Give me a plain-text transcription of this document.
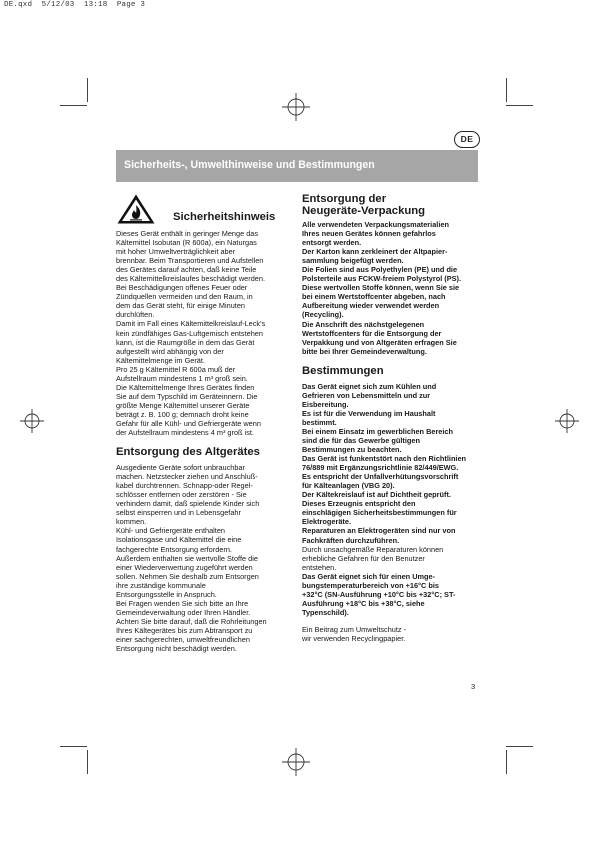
DE.qxd  5/12/03  13:18  Page 3
DE
Sicherheits-, Umwelthinweise und Bestimmungen
Sicherheitshinweis

Dieses Gerät enthält in geringer Menge das

Kältemittel Isobutan (R 600a), ein Naturgas

mit hoher Umweltverträglichkeit aber

brennbar. Beim Transportieren und Aufstellen

des Gerätes darauf achten, daß keine Teile

des Kältemittelkreislaufes beschädigt werden.

Bei Beschädigungen offenes Feuer oder

Zündquellen vermeiden und den Raum, in

dem das Gerät steht, für einige Minuten

durchlüften.

Damit im Fall eines Kältemittelkreislauf-Leck's

kein zündfähiges Gas-Luftgemisch entstehen

kann, ist die Raumgröße in dem das Gerät

aufgestellt wird abhängig von der

Kältemittelmenge im Gerät.

Pro 25 g Kältemittel R 600a muß der

Aufstellraum mindestens 1 m³ groß sein.

Die Kältemittelmenge Ihres Gerätes finden

Sie auf dem Typschild im Geräteinnern. Die

größte Menge Kältemittel unserer Geräte

beträgt z. B. 100 g; demnach droht keine

Gefahr für alle Kühl- und Gefriergeräte wenn

der Aufstellraum mindestens 4 m³ groß ist.

Entsorgung des Altgerätes

Ausgediente Geräte sofort unbrauchbar

machen. Netzstecker ziehen und Anschluß-

kabel durchtrennen. Schnapp-oder Regel-

schlösser entfernen oder zerstören - Sie

verhindern damit, daß spielende Kinder sich

selbst einsperren und in Lebensgefahr

kommen.

Kühl- und Gefriergeräte enthalten

Isolationsgase und Kältemittel die eine

fachgerechte Entsorgung erfordern.

Außerdem enthalten sie wertvolle Stoffe die

einer Wiederverwertung zugeführt werden

sollen. Nehmen Sie deshalb zum Entsorgen

ihre zuständige kommunale

Entsorgungsstelle in Anspruch.

Bei Fragen wenden Sie sich bitte an Ihre

Gemeindeverwaltung oder Ihren Händler.

Achten Sie bitte darauf, daß die Rohrleitungen

Ihres Kältegerätes bis zum Abtransport zu

einer sachgerechten, umweltfreundlichen

Entsorgung nicht beschädigt werden.

Entsorgung der
Neugeräte-Verpackung

Alle verwendeten Verpackungsmaterialien

Ihres neuen Gerätes können gefahrlos

entsorgt werden.

Der Karton kann zerkleinert der Altpapier-

sammlung beigefügt werden.

Die Folien sind aus Polyethylen (PE) und die

Polsterteile aus FCKW-freiem Polystyrol (PS).

Diese wertvollen Stoffe können, wenn Sie sie

bei einem Wertstoffcenter abgeben, nach

Aufbereitung wieder verwendet werden

(Recycling).

Die Anschrift des nächstgelegenen

Wertstoffcenters für die Entsorgung der

Verpakkung und von Altgeräten erfragen Sie

bitte bei Ihrer Gemeindeverwaltung.

Bestimmungen

Das Gerät eignet sich zum Kühlen und

Gefrieren von Lebensmitteln und zur

Eisbereitung.

Es ist für die Verwendung im Haushalt

bestimmt.

Bei einem Einsatz im gewerblichen Bereich

sind die für das Gewerbe gültigen

Bestimmungen zu beachten.

Das Gerät ist funkentstört nach den Richtlinien

76/889 mit Ergänzungsrichtlinie 82/449/EWG.

Es entspricht der Unfallverhütungsvorschrift

für Kälteanlagen (VBG 20).

Der Kältekreislauf ist auf Dichtheit geprüft.

Dieses Erzeugnis entspricht den

einschlägigen Sicherheitsbestimmungen für

Elektrogeräte.

Reparaturen an Elektrogeräten sind nur von

Fachkräften durchzuführen.

Durch unsachgemäße Reparaturen können

erhebliche Gefahren für den Benutzer

entstehen.

Das Gerät eignet sich für einen Umge-

bungstemperaturbereich von +16°C bis

+32°C (SN-Ausführung +10°C bis +32°C; ST-

Ausführung +18°C bis +38°C, siehe

Typenschild).

Ein Beitrag zum Umweltschutz -

wir verwenden Recyclingpapier.

3
